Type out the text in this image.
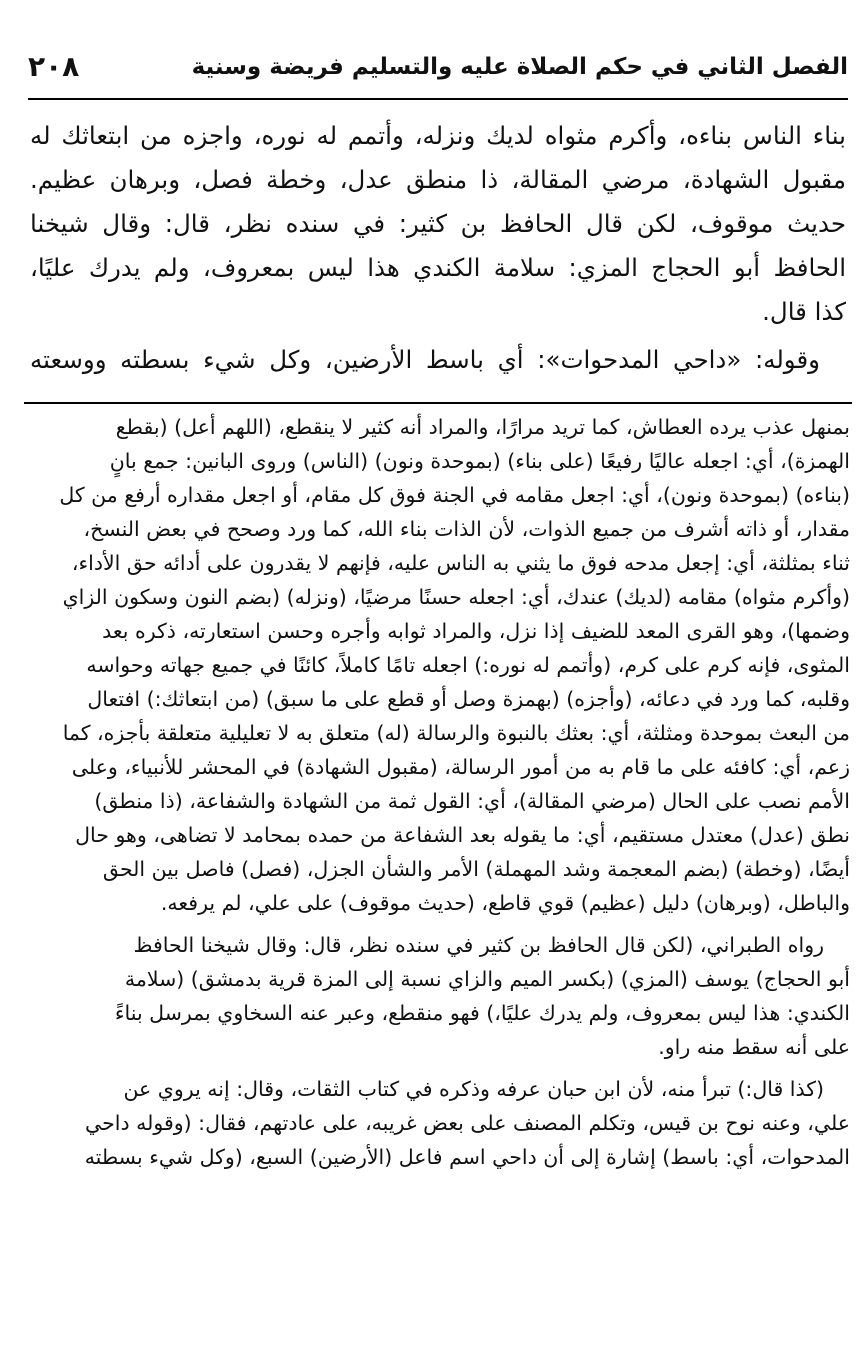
الفصل الثاني في حكم الصلاة عليه والتسليم فريضة وسنية
٢٠٨
بناء الناس بناءه، وأكرم مثواه لديك ونزله، وأتمم له نوره، واجزه من ابتعاثك له
مقبول الشهادة، مرضي المقالة، ذا منطق عدل، وخطة فصل، وبرهان عظيم.
حديث موقوف، لكن قال الحافظ بن كثير: في سنده نظر، قال: وقال شيخنا
الحافظ أبو الحجاج المزي: سلامة الكندي هذا ليس بمعروف، ولم يدرك عليًا،
كذا قال.
وقوله: «داحي المدحوات»: أي باسط الأرضين، وكل شيء بسطته ووسعته
بمنهل عذب يرده العطاش، كما تريد مرارًا، والمراد أنه كثير لا ينقطع، (اللهم أعل) (بقطع
الهمزة)، أي: اجعله عاليًا رفيعًا (على بناء) (بموحدة ونون) (الناس) وروى البانين: جمع بانٍ
(بناءه) (بموحدة ونون)، أي: اجعل مقامه في الجنة فوق كل مقام، أو اجعل مقداره أرفع من كل
مقدار، أو ذاته أشرف من جميع الذوات، لأن الذات بناء الله، كما ورد وصحح في بعض النسخ،
ثناء بمثلثة، أي: إجعل مدحه فوق ما يثني به الناس عليه، فإنهم لا يقدرون على أدائه حق الأداء،
(وأكرم مثواه) مقامه (لديك) عندك، أي: اجعله حسنًا مرضيًا، (ونزله) (بضم النون وسكون الزاي
وضمها)، وهو القرى المعد للضيف إذا نزل، والمراد ثوابه وأجره وحسن استعارته، ذكره بعد
المثوى، فإنه كرم على كرم، (وأتمم له نوره:) اجعله تامًا كاملاً، كائنًا في جميع جهاته وحواسه
وقلبه، كما ورد في دعائه، (وأجزه) (بهمزة وصل أو قطع على ما سبق) (من ابتعاثك:) افتعال
من البعث بموحدة ومثلثة، أي: بعثك بالنبوة والرسالة (له) متعلق به لا تعليلية متعلقة بأجزه، كما
زعم، أي: كافئه على ما قام به من أمور الرسالة، (مقبول الشهادة) في المحشر للأنبياء، وعلى
الأمم نصب على الحال (مرضي المقالة)، أي: القول ثمة من الشهادة والشفاعة، (ذا منطق)
نطق (عدل) معتدل مستقيم، أي: ما يقوله بعد الشفاعة من حمده بمحامد لا تضاهى، وهو حال
أيضًا، (وخطة) (بضم المعجمة وشد المهملة) الأمر والشأن الجزل، (فصل) فاصل بين الحق
والباطل، (وبرهان) دليل (عظيم) قوي قاطع، (حديث موقوف) على علي، لم يرفعه.
رواه الطبراني، (لكن قال الحافظ بن كثير في سنده نظر، قال: وقال شيخنا الحافظ
أبو الحجاج) يوسف (المزي) (بكسر الميم والزاي نسبة إلى المزة قرية بدمشق) (سلامة
الكندي: هذا ليس بمعروف، ولم يدرك عليًا،) فهو منقطع، وعبر عنه السخاوي بمرسل بناءً
على أنه سقط منه راو.
(كذا قال:) تبرأ منه، لأن ابن حبان عرفه وذكره في كتاب الثقات، وقال: إنه يروي عن
علي، وعنه نوح بن قيس، وتكلم المصنف على بعض غريبه، على عادتهم، فقال: (وقوله داحي
المدحوات، أي: باسط) إشارة إلى أن داحي اسم فاعل (الأرضين) السبع، (وكل شيء بسطته
